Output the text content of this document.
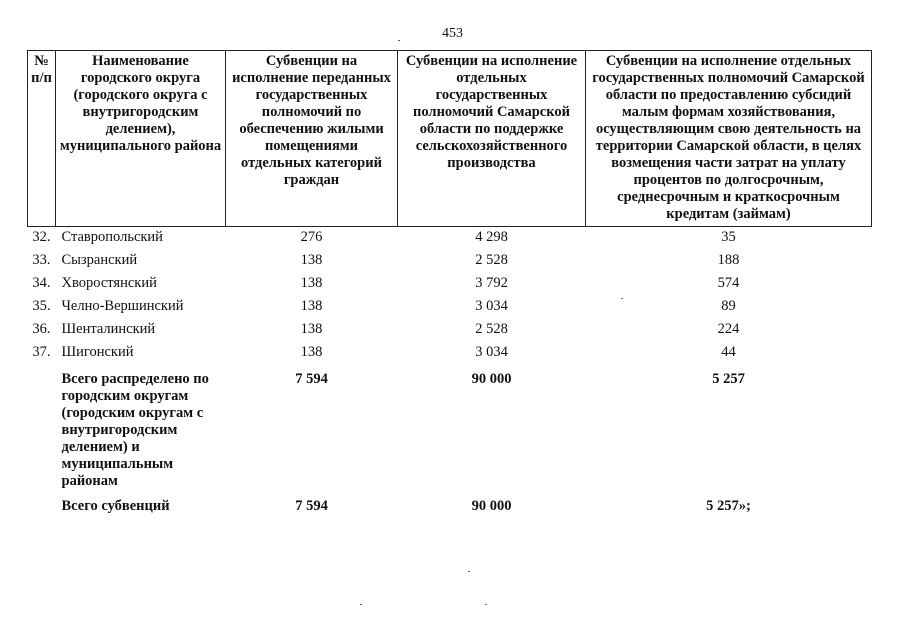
453
№ п/п	Наименование городского округа (городского округа с внутригородским делением), муниципального района	Субвенции на исполнение переданных государственных полномочий по обеспечению жилыми помещениями отдельных категорий граждан	Субвенции на исполнение отдельных государственных полномочий Самарской области по поддержке сельскохозяйственного производства	Субвенции на исполнение отдельных государственных полномочий Самарской области по предоставлению субсидий малым формам хозяйствования, осуществляющим свою деятельность на территории Самарской области, в целях возмещения части затрат на уплату процентов по долгосрочным, среднесрочным и краткосрочным кредитам (займам)
32.	Ставропольский	276	4 298	35
33.	Сызранский	138	2 528	188
34.	Хворостянский	138	3 792	574
35.	Челно-Вершинский	138	3 034	89
36.	Шенталинский	138	2 528	224
37.	Шигонский	138	3 034	44
	Всего распределено по городским округам (городским округам с внутригородским делением) и муниципальным районам	7 594	90 000	5 257
	Всего субвенций	7 594	90 000	5 257»;
